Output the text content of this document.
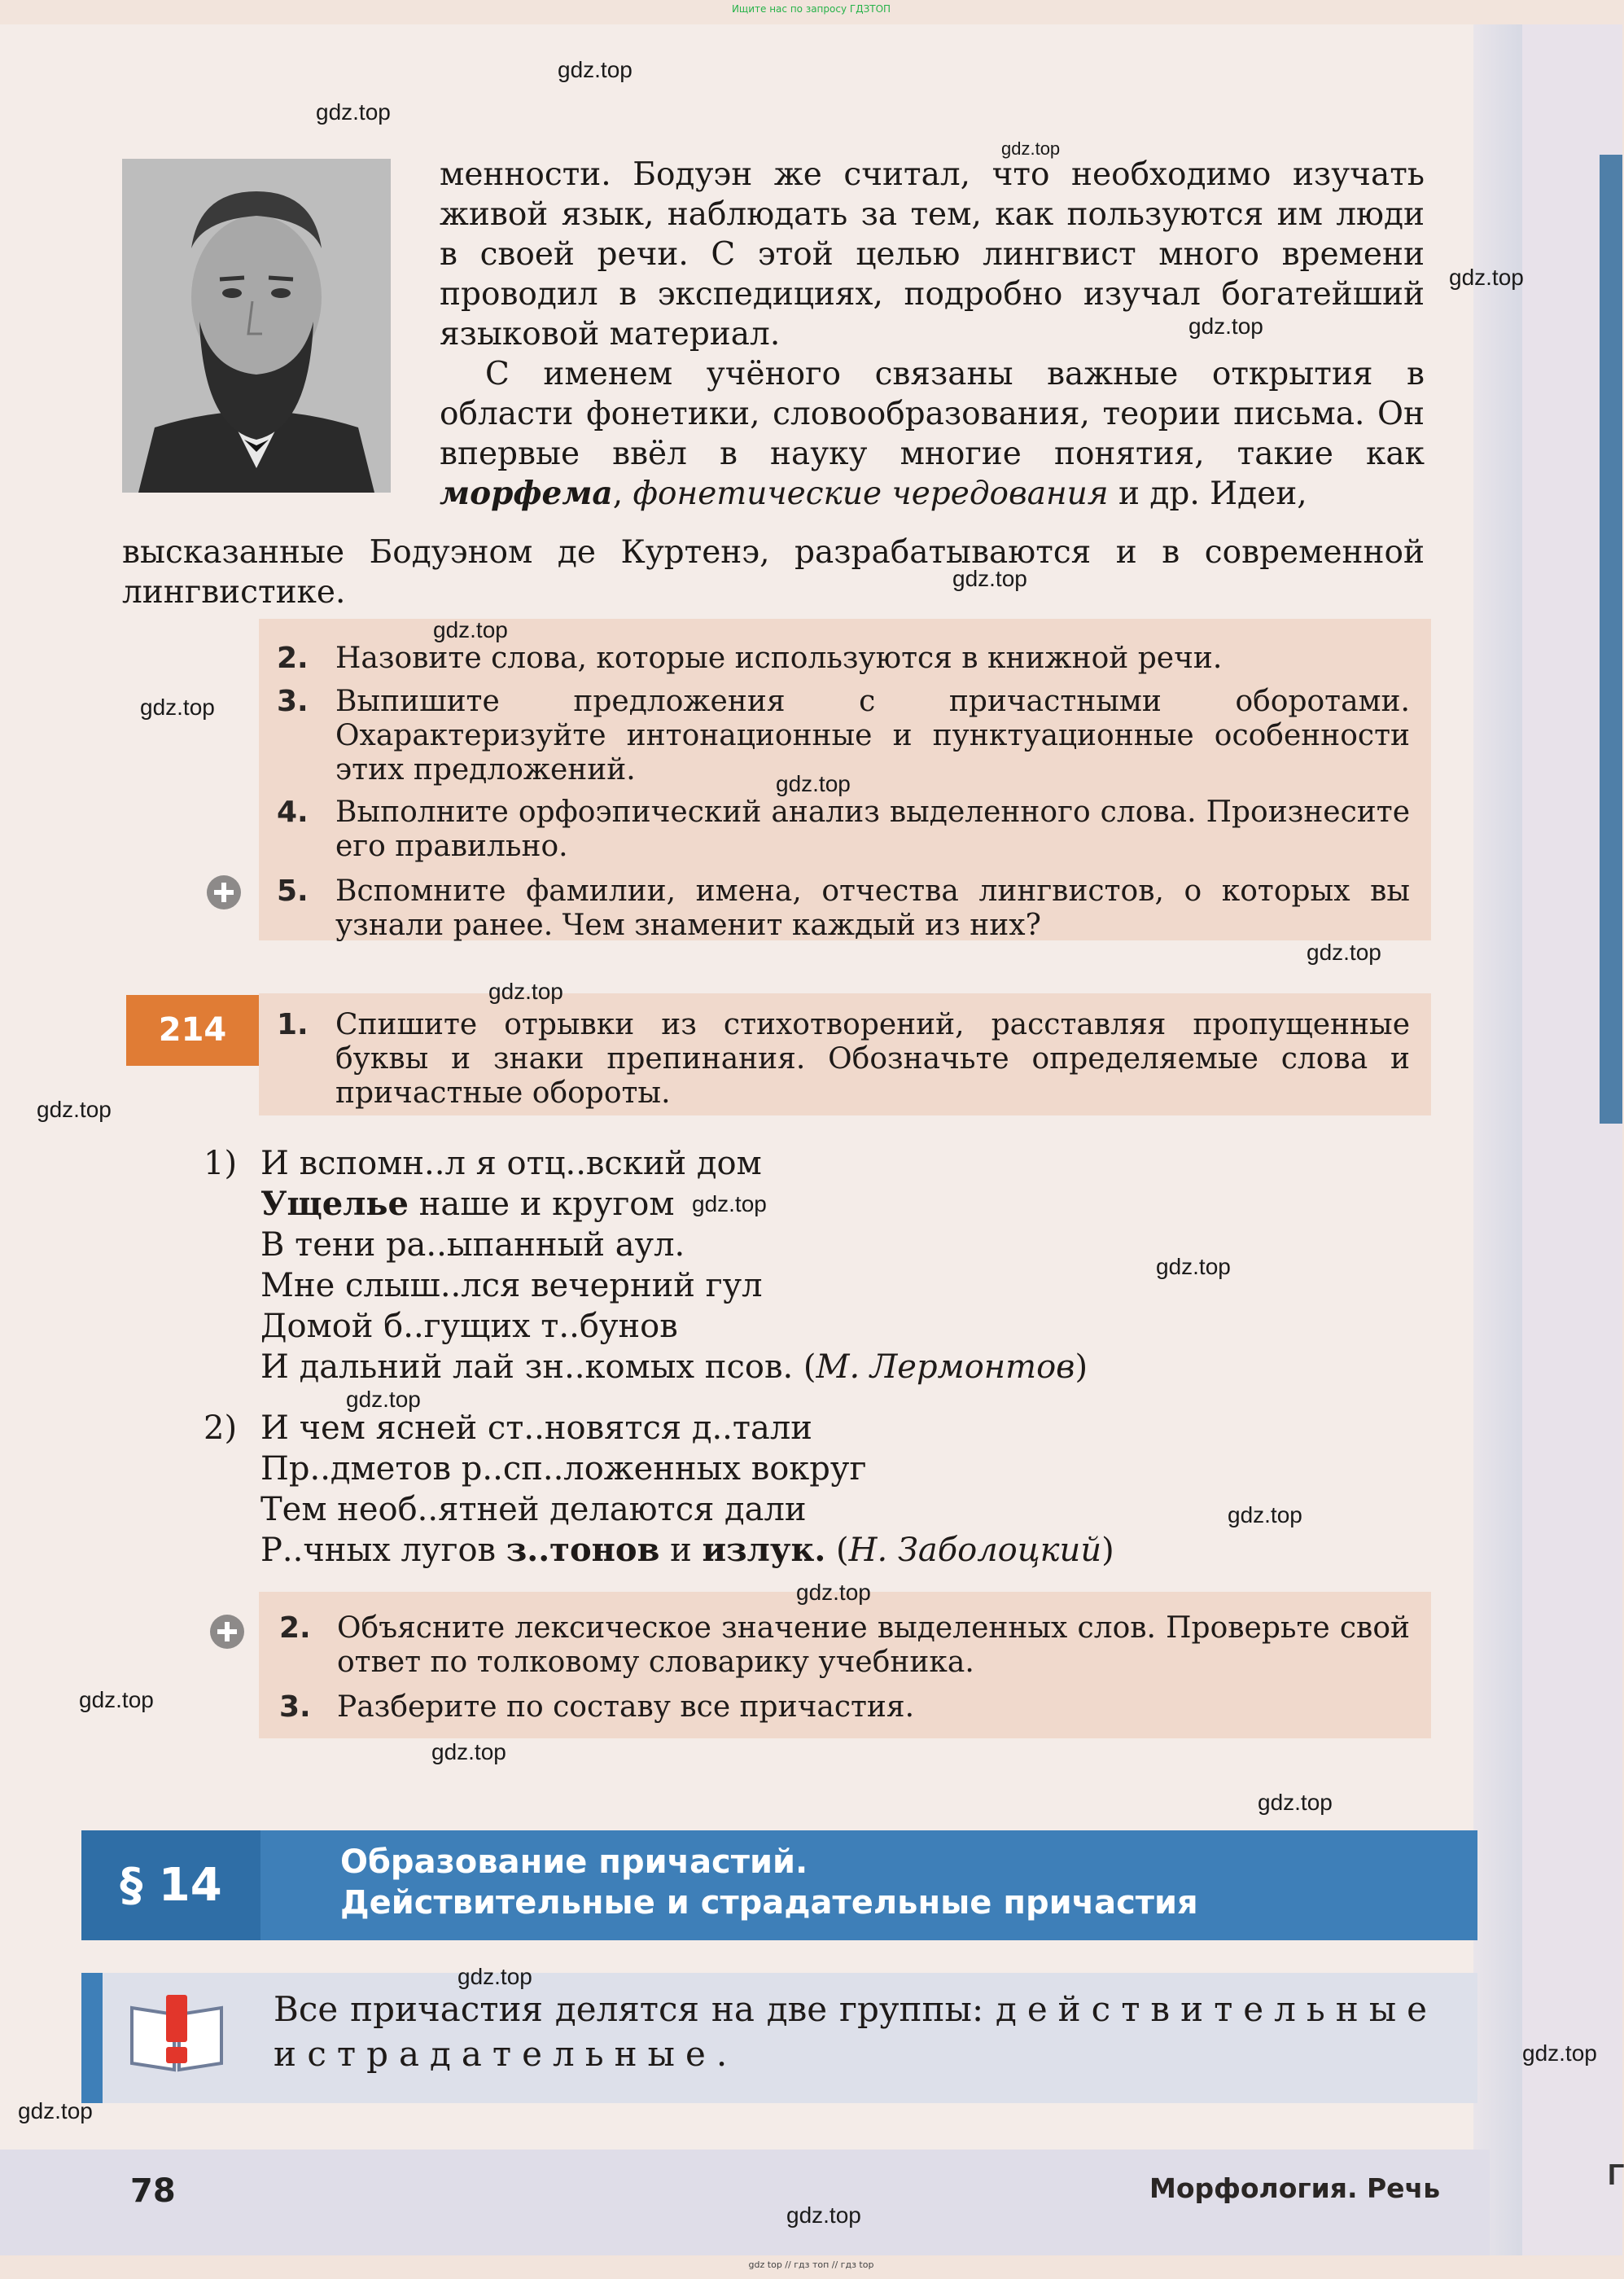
Г
Ищите нас по запросу ГДЗТОП
менности. Бодуэн же считал, что необходимо изучать живой язык, наблюдать за тем, как пользуются им люди в своей речи. С этой целью лингвист много времени проводил в экспедициях, подробно изучал богатейший языковой материал.
С именем учёного связаны важные открытия в области фонетики, словообразования, теории письма. Он впервые ввёл в науку многие понятия, такие как морфема, фонетические чередования и др. Идеи,
высказанные Бодуэном де Куртенэ, разрабатываются и в современной лингвистике.
2. Назовите слова, которые используются в книжной речи.
3. Выпишите предложения с причастными оборотами. Охарактеризуйте интонационные и пунктуационные особенности этих предложений.
4. Выполните орфоэпический анализ выделенного слова. Произнесите его правильно.
5. Вспомните фамилии, имена, отчества лингвистов, о которых вы узнали ранее. Чем знаменит каждый из них?
214	1. Спишите отрывки из стихотворений, расставляя пропущенные буквы и знаки препинания. Обозначьте определяемые слова и причастные обороты.
1) И вспомн..л я отц..вский дом
Ущелье наше и кругом
В тени ра..ыпанный аул.
Мне слыш..лся вечерний гул
Домой б..гущих т..бунов
И дальний лай зн..комых псов. (М. Лермонтов)
2) И чем ясней ст..новятся д..тали
Пр..дметов р..сп..ложенных вокруг
Тем необ..ятней делаются дали
Р..чных лугов з..тонов и излук. (Н. Заболоцкий)
2. Объясните лексическое значение выделенных слов. Проверьте свой ответ по толковому словарику учебника.
3. Разберите по составу все причастия.
§ 14	Образование причастий.
Действительные и страдательные причастия
Все причастия делятся на две группы: действительные и страдательные.
78	Морфология. Речь
gdz.top
gdz.top
gdz.top
gdz.top
gdz.top
gdz.top
gdz.top
gdz.top
gdz.top
gdz.top
gdz.top
gdz.top
gdz.top
gdz.top
gdz.top
gdz.top
gdz.top
gdz.top
gdz.top
gdz.top
gdz.top
gdz.top
gdz.top
gdz.top
gdz top // гдз топ // гдз top
